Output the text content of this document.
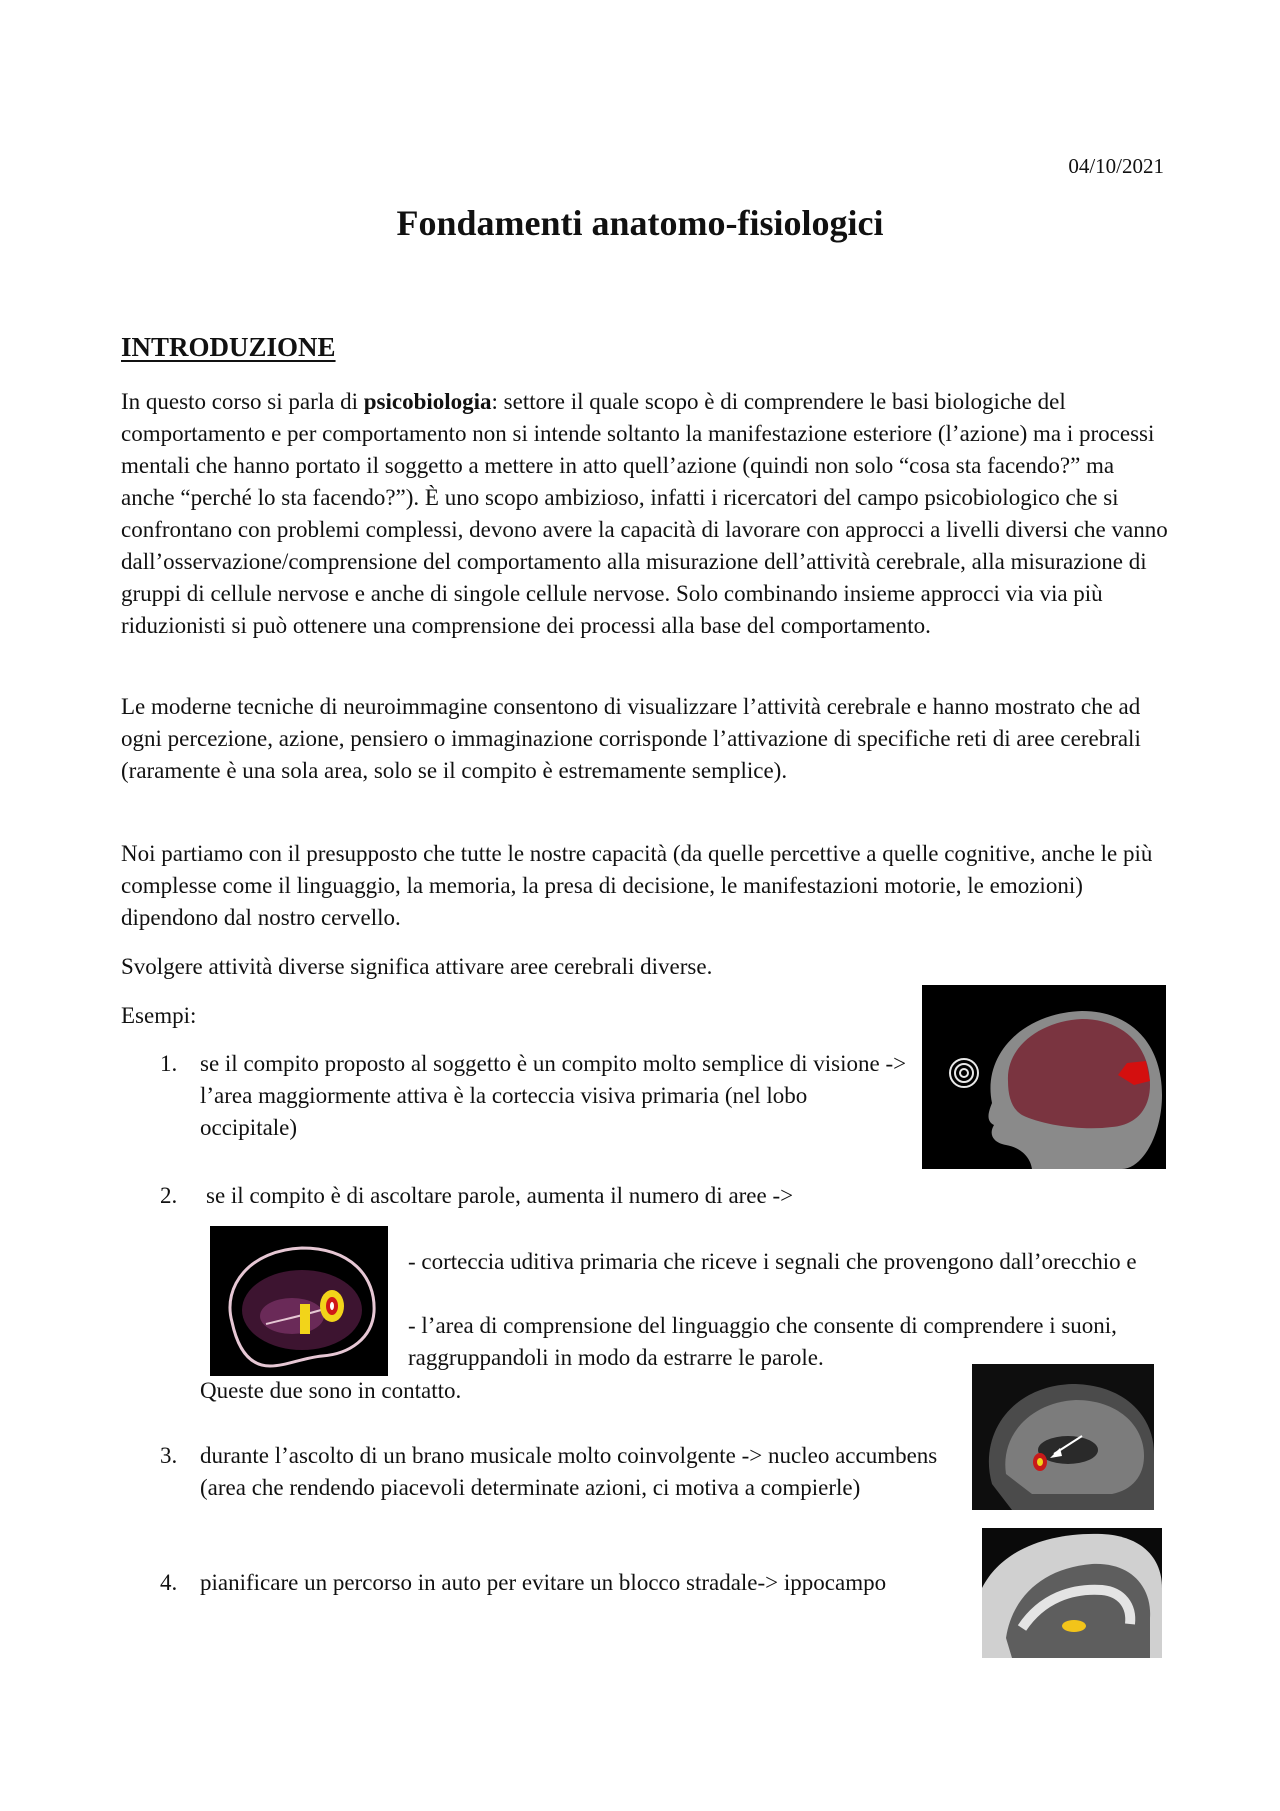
04/10/2021
Fondamenti anatomo-fisiologici
INTRODUZIONE
In questo corso si parla di psicobiologia: settore il quale scopo è di comprendere le basi biologiche del comportamento e per comportamento non si intende soltanto la manifestazione esteriore (l’azione) ma i processi mentali che hanno portato il soggetto a mettere in atto quell’azione (quindi non solo “cosa sta facendo?” ma anche “perché lo sta facendo?”). È uno scopo ambizioso, infatti i ricercatori del campo psicobiologico che si confrontano con problemi complessi, devono avere la capacità di lavorare con approcci a livelli diversi che vanno dall’osservazione/comprensione del comportamento alla misurazione dell’attività cerebrale, alla misurazione di gruppi di cellule nervose e anche di singole cellule nervose. Solo combinando insieme approcci via via più riduzionisti si può ottenere una comprensione dei processi alla base del comportamento.
Le moderne tecniche di neuroimmagine consentono di visualizzare l’attività cerebrale e hanno mostrato che ad ogni percezione, azione, pensiero o immaginazione corrisponde l’attivazione di specifiche reti di aree cerebrali (raramente è una sola area, solo se il compito è estremamente semplice).
Noi partiamo con il presupposto che tutte le nostre capacità (da quelle percettive a quelle cognitive, anche le più complesse come il linguaggio, la memoria, la presa di decisione, le manifestazioni motorie, le emozioni) dipendono dal nostro cervello.
Svolgere attività diverse significa attivare aree cerebrali diverse.
Esempi:
1. se il compito proposto al soggetto è un compito molto semplice di visione -> l’area maggiormente attiva è la corteccia visiva primaria (nel lobo occipitale)
2. se il compito è di ascoltare parole, aumenta il numero di aree ->
- corteccia uditiva primaria che riceve i segnali che provengono dall’orecchio e
- l’area di comprensione del linguaggio che consente di comprendere i suoni, raggruppandoli in modo da estrarre le parole.
Queste due sono in contatto.
3. durante l’ascolto di un brano musicale molto coinvolgente -> nucleo accumbens (area che rendendo piacevoli determinate azioni, ci motiva a compierle)
4. pianificare un percorso in auto per evitare un blocco stradale-> ippocampo
